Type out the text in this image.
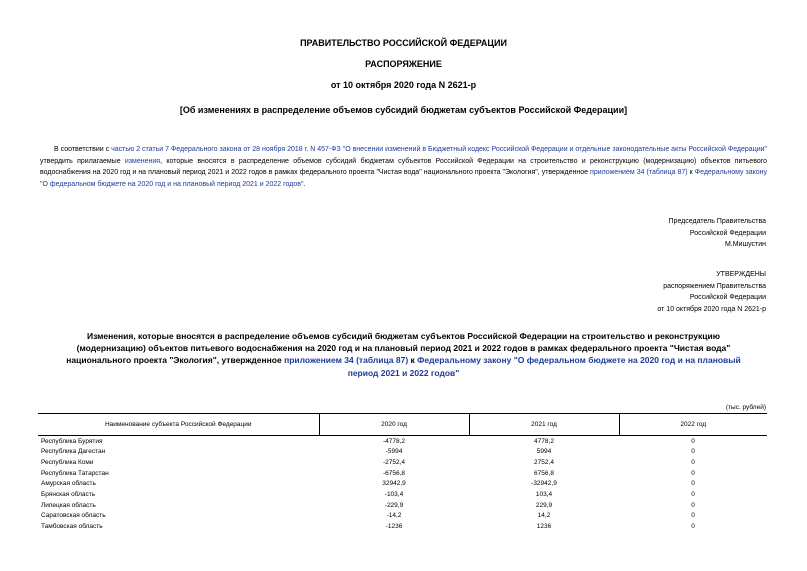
ПРАВИТЕЛЬСТВО РОССИЙСКОЙ ФЕДЕРАЦИИ
РАСПОРЯЖЕНИЕ
от 10 октября 2020 года N 2621-р
[Об изменениях в распределение объемов субсидий бюджетам субъектов Российской Федерации]
В соответствии с частью 2 статьи 7 Федерального закона от 28 ноября 2018 г. N 457-ФЗ "О внесении изменений в Бюджетный кодекс Российской Федерации и отдельные законодательные акты Российской Федерации" утвердить прилагаемые изменения, которые вносятся в распределение объемов субсидий бюджетам субъектов Российской Федерации на строительство и реконструкцию (модернизацию) объектов питьевого водоснабжения на 2020 год и на плановый период 2021 и 2022 годов в рамках федерального проекта "Чистая вода" национального проекта "Экология", утвержденное приложением 34 (таблица 87) к Федеральному закону "О федеральном бюджете на 2020 год и на плановый период 2021 и 2022 годов".
Председатель Правительства
Российской Федерации
М.Мишустин
УТВЕРЖДЕНЫ
распоряжением Правительства
Российской Федерации
от 10 октября 2020 года N 2621-р
Изменения, которые вносятся в распределение объемов субсидий бюджетам субъектов Российской Федерации на строительство и реконструкцию (модернизацию) объектов питьевого водоснабжения на 2020 год и на плановый период 2021 и 2022 годов в рамках федерального проекта "Чистая вода" национального проекта "Экология", утвержденное приложением 34 (таблица 87) к Федеральному закону "О федеральном бюджете на 2020 год и на плановый период 2021 и 2022 годов"
(тыс. рублей)
Наименование субъекта Российской Федерации	2020 год	2021 год	2022 год
Республика Бурятия	-4778,2	4778,2	0
Республика Дагестан	-5994	5994	0
Республика Коми	-2752,4	2752,4	0
Республика Татарстан	-6756,8	6756,8	0
Амурская область	32942,9	-32942,9	0
Брянская область	-103,4	103,4	0
Липецкая область	-229,9	229,9	0
Саратовская область	-14,2	14,2	0
Тамбовская область	-1236	1236	0
